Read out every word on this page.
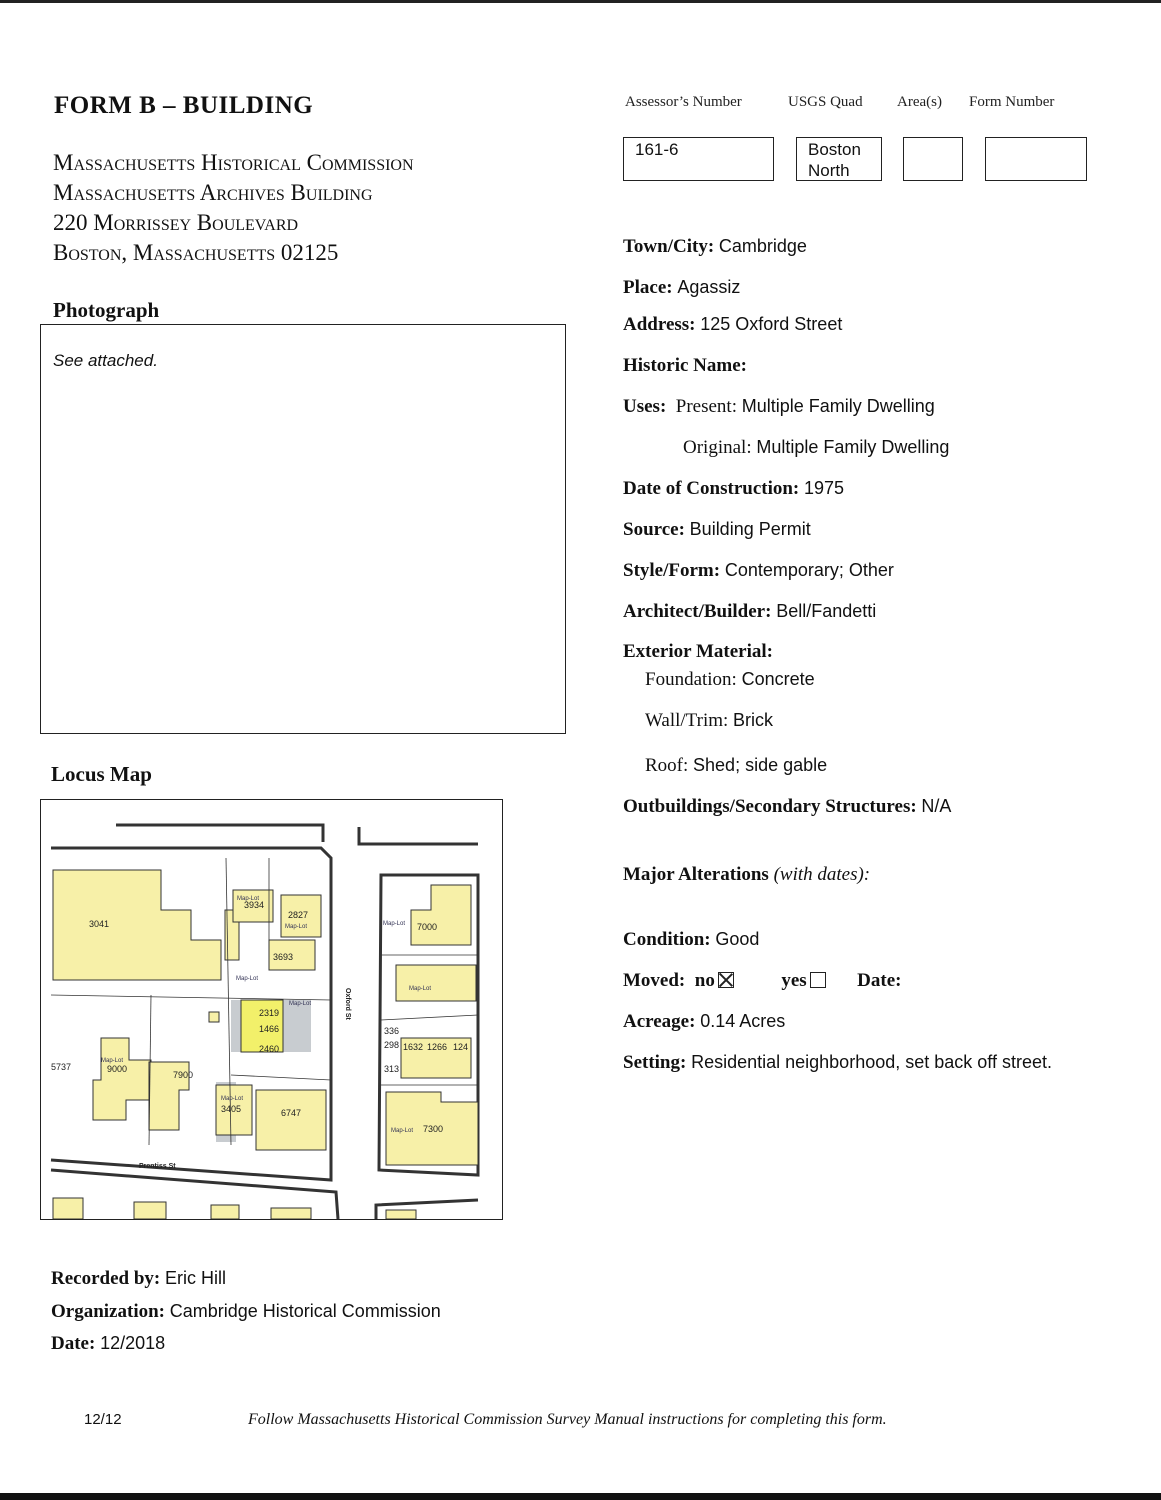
FORM B – BUILDING
Massachusetts Historical Commission
Massachusetts Archives Building
220 Morrissey Boulevard
Boston, Massachusetts 02125
Photograph
See attached.
Locus Map
3041
3934
2827
3693
2319
1466
2460
5737	9000
7900
3405	6747
7000
336
298 1632 1266 124
313
7300
Map-Lot
Map-Lot
Map-Lot
Map-Lot
Map-Lot
Map-Lot
Map-Lot
Map-Lot
Map-Lot
Prentiss St
Oxford St
Assessor’s Number	USGS Quad Area(s) Form Number
161-6	Boston
North
Town/City: Cambridge
Place: Agassiz
Address: 125 Oxford Street
Historic Name:
Uses: Present: Multiple Family Dwelling
Original: Multiple Family Dwelling
Date of Construction: 1975
Source: Building Permit
Style/Form: Contemporary; Other
Architect/Builder: Bell/Fandetti
Exterior Material:
Foundation: Concrete
Wall/Trim: Brick
Roof: Shed; side gable
Outbuildings/Secondary Structures: N/A
Major Alterations (with dates):
Condition: Good
Moved: no	yes	Date:
Acreage: 0.14 Acres
Setting: Residential neighborhood, set back off street.
Recorded by: Eric Hill
Organization: Cambridge Historical Commission
Date: 12/2018
12/12	Follow Massachusetts Historical Commission Survey Manual instructions for completing this form.
